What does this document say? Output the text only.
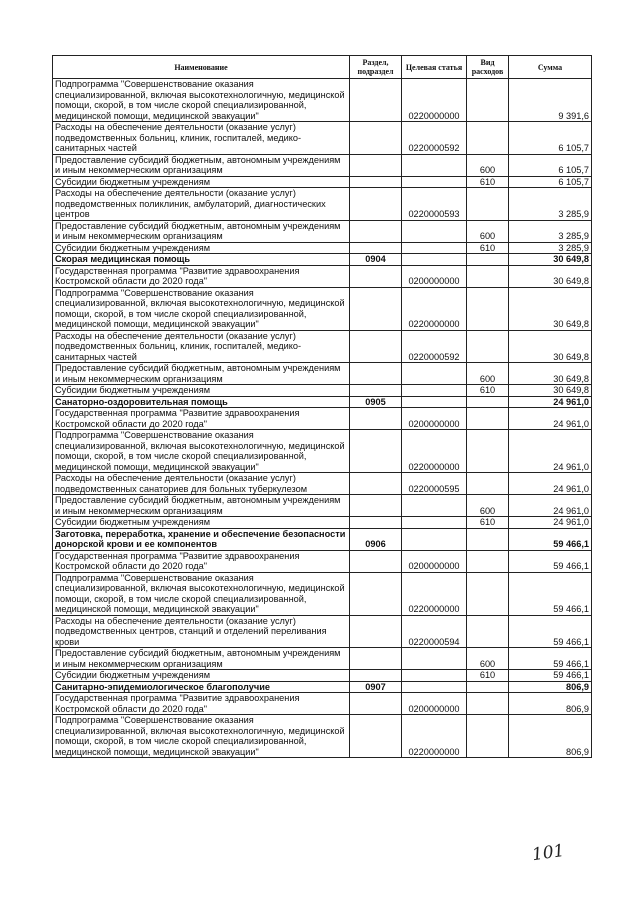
Наименование	Раздел, подраздел	Целевая статья	Вид расходов	Сумма
Подпрограмма "Совершенствование оказания специализированной, включая высокотехнологичную, медицинской помощи, скорой, в том числе скорой специализированной, медицинской помощи, медицинской эвакуации"		0220000000		9 391,6
Расходы на обеспечение деятельности (оказание услуг) подведомственных больниц, клиник, госпиталей, медико-санитарных частей		0220000592		6 105,7
Предоставление субсидий бюджетным, автономным учреждениям и иным некоммерческим организациям			600	6 105,7
Субсидии бюджетным учреждениям			610	6 105,7
Расходы на обеспечение деятельности (оказание услуг) подведомственных поликлиник, амбулаторий, диагностических центров		0220000593		3 285,9
Предоставление субсидий бюджетным, автономным учреждениям и иным некоммерческим организациям			600	3 285,9
Субсидии бюджетным учреждениям			610	3 285,9
Скорая медицинская помощь	0904			30 649,8
Государственная программа "Развитие здравоохранения Костромской области до 2020 года"		0200000000		30 649,8
Подпрограмма "Совершенствование оказания специализированной, включая высокотехнологичную, медицинской помощи, скорой, в том числе скорой специализированной, медицинской помощи, медицинской эвакуации"		0220000000		30 649,8
Расходы на обеспечение деятельности (оказание услуг) подведомственных больниц, клиник, госпиталей, медико-санитарных частей		0220000592		30 649,8
Предоставление субсидий бюджетным, автономным учреждениям и иным некоммерческим организациям			600	30 649,8
Субсидии бюджетным учреждениям			610	30 649,8
Санаторно-оздоровительная помощь	0905			24 961,0
Государственная программа "Развитие здравоохранения Костромской области до 2020 года"		0200000000		24 961,0
Подпрограмма "Совершенствование оказания специализированной, включая высокотехнологичную, медицинской помощи, скорой, в том числе скорой специализированной, медицинской помощи, медицинской эвакуации"		0220000000		24 961,0
Расходы на обеспечение деятельности (оказание услуг) подведомственных санаториев для больных туберкулезом		0220000595		24 961,0
Предоставление субсидий бюджетным, автономным учреждениям и иным некоммерческим организациям			600	24 961,0
Субсидии бюджетным учреждениям			610	24 961,0
Заготовка, переработка, хранение и обеспечение безопасности донорской крови и ее компонентов	0906			59 466,1
Государственная программа "Развитие здравоохранения Костромской области до 2020 года"		0200000000		59 466,1
Подпрограмма "Совершенствование оказания специализированной, включая высокотехнологичную, медицинской помощи, скорой, в том числе скорой специализированной, медицинской помощи, медицинской эвакуации"		0220000000		59 466,1
Расходы на обеспечение деятельности (оказание услуг) подведомственных центров, станций и отделений переливания крови		0220000594		59 466,1
Предоставление субсидий бюджетным, автономным учреждениям и иным некоммерческим организациям			600	59 466,1
Субсидии бюджетным учреждениям			610	59 466,1
Санитарно-эпидемиологическое благополучие	0907			806,9
Государственная программа "Развитие здравоохранения Костромской области до 2020 года"		0200000000		806,9
Подпрограмма "Совершенствование оказания специализированной, включая высокотехнологичную, медицинской помощи, скорой, в том числе скорой специализированной, медицинской помощи, медицинской эвакуации"		0220000000		806,9
101
